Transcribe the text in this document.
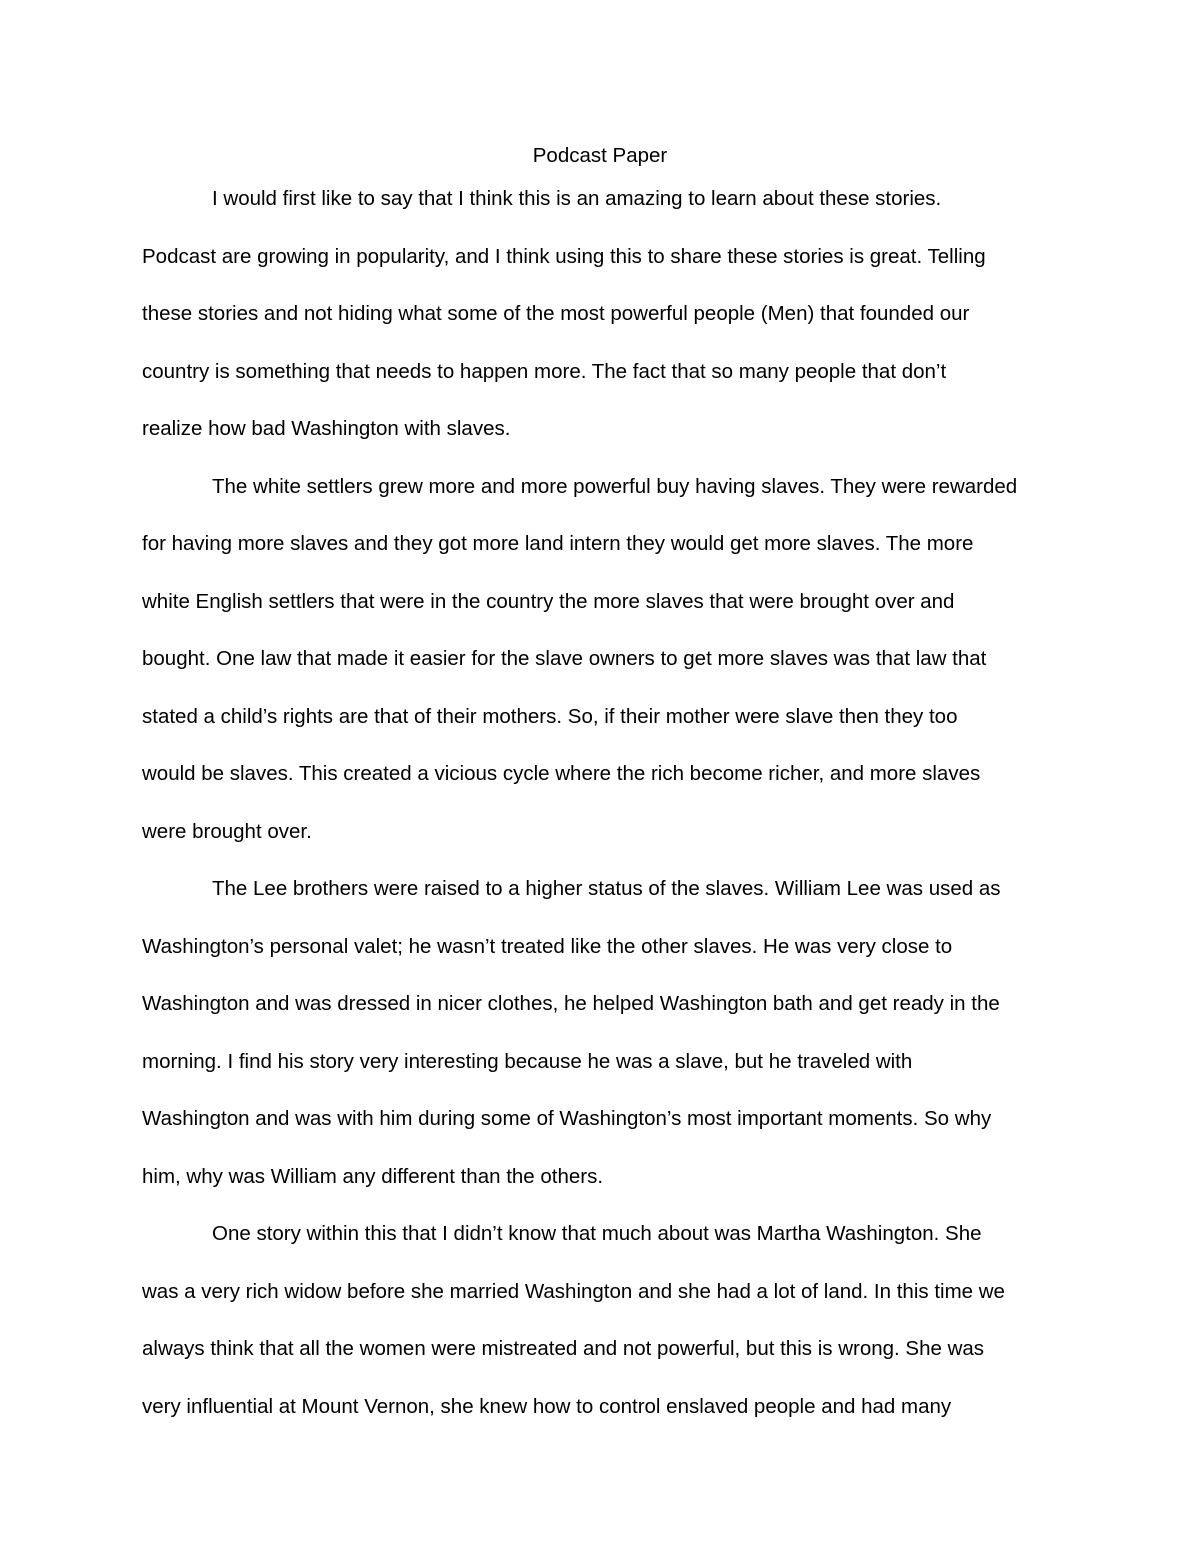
Podcast Paper

I would first like to say that I think this is an amazing to learn about these stories.
Podcast are growing in popularity, and I think using this to share these stories is great. Telling
these stories and not hiding what some of the most powerful people (Men) that founded our
country is something that needs to happen more. The fact that so many people that don’t
realize how bad Washington with slaves.

The white settlers grew more and more powerful buy having slaves. They were rewarded
for having more slaves and they got more land intern they would get more slaves. The more
white English settlers that were in the country the more slaves that were brought over and
bought. One law that made it easier for the slave owners to get more slaves was that law that
stated a child’s rights are that of their mothers. So, if their mother were slave then they too
would be slaves. This created a vicious cycle where the rich become richer, and more slaves
were brought over.

The Lee brothers were raised to a higher status of the slaves. William Lee was used as
Washington’s personal valet; he wasn’t treated like the other slaves. He was very close to
Washington and was dressed in nicer clothes, he helped Washington bath and get ready in the
morning. I find his story very interesting because he was a slave, but he traveled with
Washington and was with him during some of Washington’s most important moments. So why
him, why was William any different than the others.

One story within this that I didn’t know that much about was Martha Washington. She
was a very rich widow before she married Washington and she had a lot of land. In this time we
always think that all the women were mistreated and not powerful, but this is wrong. She was
very influential at Mount Vernon, she knew how to control enslaved people and had many
